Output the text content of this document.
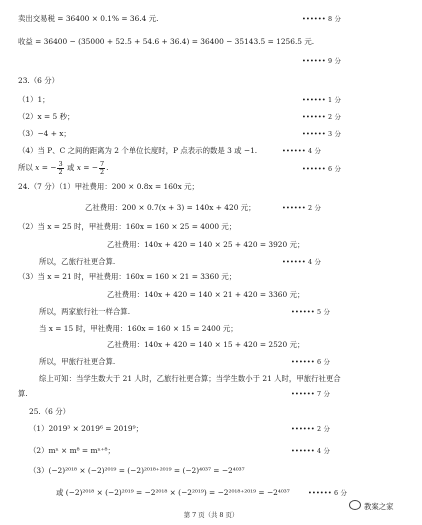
卖出交易税 = 36400 × 0.1% = 36.4 元.	•••••• 8 分
收益 = 36400 − (35000 + 52.5 + 54.6 + 36.4) = 36400 − 35143.5 = 1256.5 元.
•••••• 9 分
23.（6 分）
（1）1；	•••••• 1 分
（2）x = 5 秒；	•••••• 2 分
（3）−4 + x；	•••••• 3 分
（4）当 P、C 之间的距离为 2 个单位长度时，P 点表示的数是 3 或 −1.	•••••• 4 分
所以 x = − $\frac{3}{2}$ 或 x = − $\frac{7}{2}$ .	•••••• 6 分
24.（7 分）（1）甲社费用：200 × 0.8x = 160x 元；
乙社费用：200 × 0.7(x + 3) = 140x + 420 元；	•••••• 2 分
（2）当 x = 25 时，甲社费用：160x = 160 × 25 = 4000 元；
乙社费用：140x + 420 = 140 × 25 + 420 = 3920 元；
所以，乙旅行社更合算.	•••••• 4 分
（3）当 x = 21 时，甲社费用：160x = 160 × 21 = 3360 元；
乙社费用：140x + 420 = 140 × 21 + 420 = 3360 元；
所以，两家旅行社一样合算.	•••••• 5 分
当 x = 15 时，甲社费用：160x = 160 × 15 = 2400 元；
乙社费用：140x + 420 = 140 × 15 + 420 = 2520 元；
所以，甲旅行社更合算.	•••••• 6 分
综上可知：当学生数大于 21 人时，乙旅行社更合算；当学生数小于 21 人时，甲旅行社更合
算.	•••••• 7 分
25.（6 分）
（1）2019³ × 2019⁶ = 2019⁹；	•••••• 2 分
（2）mⁿ × m⁸ = mⁿ⁺⁸；	•••••• 4 分
（3）(−2)²⁰¹⁸ × (−2)²⁰¹⁹ = (−2)²⁰¹⁸⁺²⁰¹⁹ = (−2)⁴⁰³⁷ = −2⁴⁰³⁷
或 (−2)²⁰¹⁸ × (−2)²⁰¹⁹ = −2²⁰¹⁸ × (−2²⁰¹⁹) = −2²⁰¹⁸⁺²⁰¹⁹ = −2⁴⁰³⁷	•••••• 6 分
教案之家
第 7 页（共 8 页）
